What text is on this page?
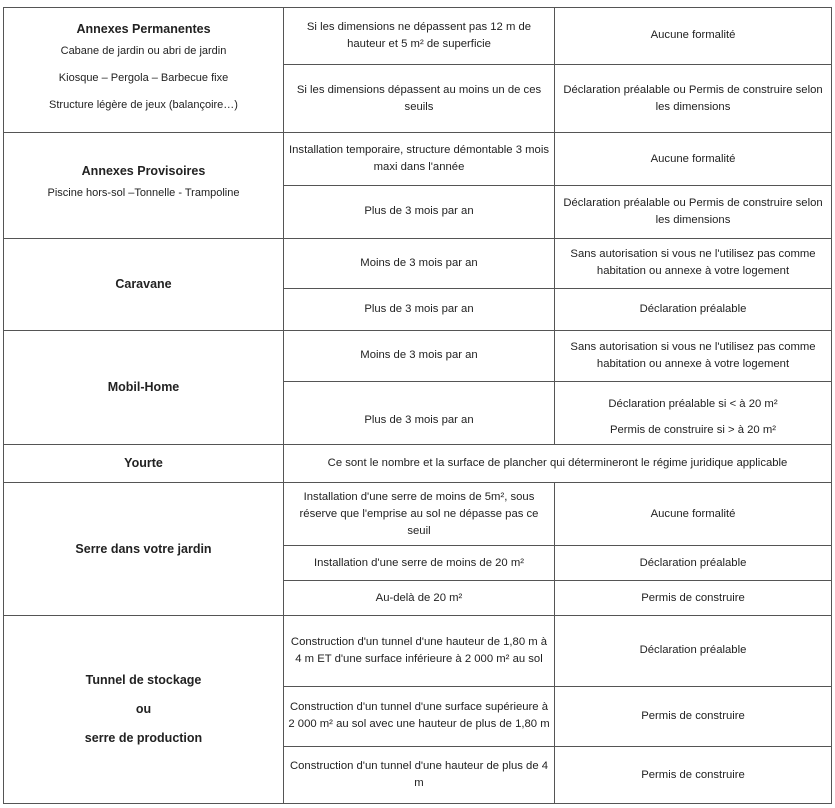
Annexes Permanentes
Cabane de jardin ou abri de jardin
Kiosque – Pergola – Barbecue fixe
Structure légère de jeux (balançoire…)	Si les dimensions ne dépassent pas 12 m de hauteur et 5 m² de superficie	Aucune formalité
	Si les dimensions dépassent au moins un de ces seuils	Déclaration préalable ou Permis de construire selon les dimensions

Annexes Provisoires
Piscine hors-sol –Tonnelle - Trampoline	Installation temporaire, structure démontable 3 mois maxi dans l'année	Aucune formalité
	Plus de 3 mois par an	Déclaration préalable ou Permis de construire selon les dimensions

Caravane	Moins de 3 mois par an	Sans autorisation si vous ne l'utilisez pas comme habitation ou annexe à votre logement
	Plus de 3 mois par an	Déclaration préalable

Mobil-Home	Moins de 3 mois par an	Sans autorisation si vous ne l'utilisez pas comme habitation ou annexe à votre logement

	Plus de 3 mois par an	Déclaration préalable si < à 20 m²
Permis de construire si > à 20 m²

Yourte	Ce sont le nombre et la surface de plancher qui détermineront le régime juridique applicable	

Serre dans votre jardin	Installation d'une serre de moins de 5m², sous réserve que l'emprise au sol ne dépasse pas ce seuil	Aucune formalité
	Installation d'une serre de moins de 20 m²	Déclaration préalable
	Au-delà de 20 m²	Permis de construire

Tunnel de stockage
ou
serre de production	Construction d'un tunnel d'une hauteur de 1,80 m à 4 m ET d'une surface inférieure à 2 000 m² au sol	Déclaration préalable
	Construction d'un tunnel d'une surface supérieure à 2 000 m² au sol avec une hauteur de plus de 1,80 m	Permis de construire
	Construction d'un tunnel d'une hauteur de plus de 4 m	Permis de construire
